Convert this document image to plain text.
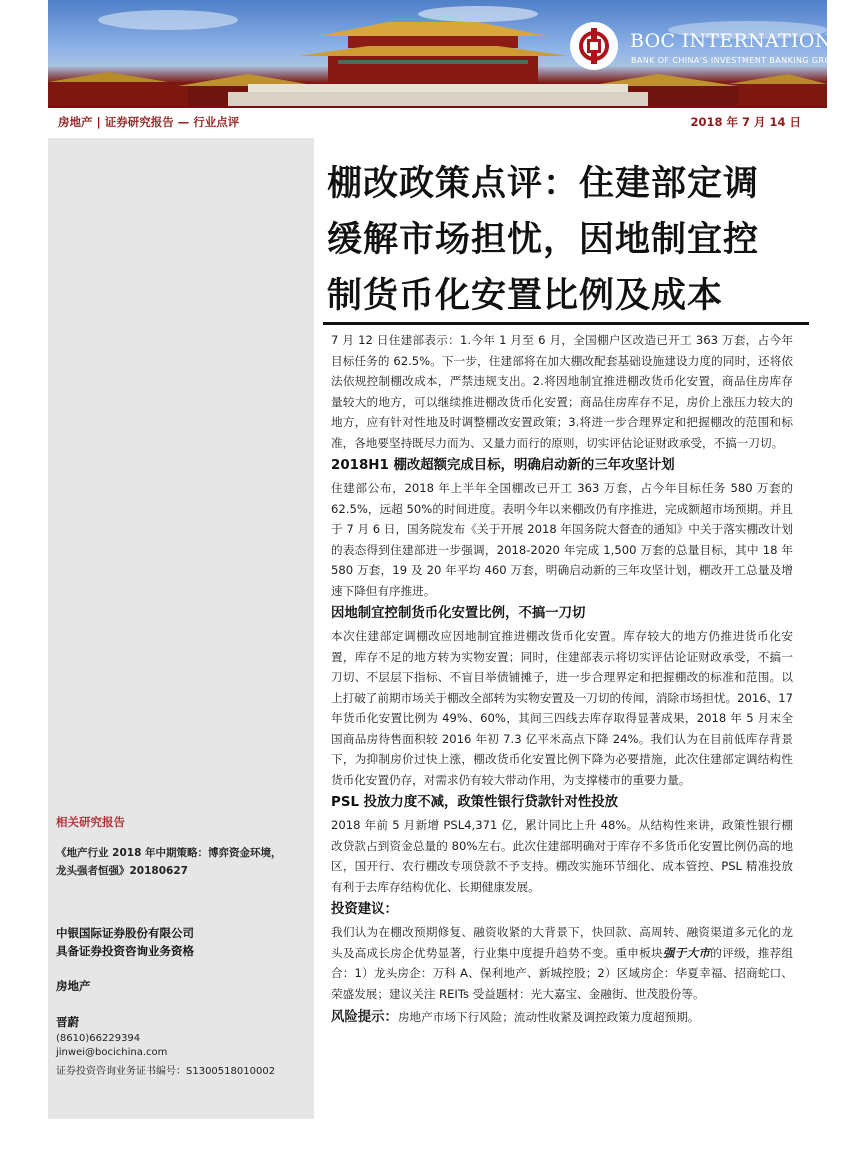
BOC INTERNATIONAL
BANK OF CHINA'S INVESTMENT BANKING GROUP
房地产 | 证券研究报告 — 行业点评	2018 年 7 月 14 日
相关研究报告
《地产行业 2018 年中期策略：博弈资金环境，
龙头强者恒强》20180627
中银国际证券股份有限公司
具备证券投资咨询业务资格
房地产
晋蔚
(8610)66229394
jinwei@bocichina.com
证券投资咨询业务证书编号：S1300518010002
棚改政策点评：住建部定调
缓解市场担忧，因地制宜控
制货币化安置比例及成本

7 月 12 日住建部表示：1.今年 1 月至 6 月，全国棚户区改造已开工 363 万套，占今年目标任务的 62.5%。下一步，住建部将在加大棚改配套基础设施建设力度的同时，还将依法依规控制棚改成本，严禁违规支出。2.将因地制宜推进棚改货币化安置，商品住房库存量较大的地方，可以继续推进棚改货币化安置；商品住房库存不足，房价上涨压力较大的地方，应有针对性地及时调整棚改安置政策；3.将进一步合理界定和把握棚改的范围和标准，各地要坚持既尽力而为、又量力而行的原则，切实评估论证财政承受，不搞一刀切。

2018H1 棚改超额完成目标，明确启动新的三年攻坚计划

住建部公布，2018 年上半年全国棚改已开工 363 万套，占今年目标任务 580 万套的 62.5%，远超 50%的时间进度。表明今年以来棚改仍有序推进，完成额超市场预期。并且于 7 月 6 日，国务院发布《关于开展 2018 年国务院大督查的通知》中关于落实棚改计划的表态得到住建部进一步强调，2018-2020 年完成 1,500 万套的总量目标，其中 18 年 580 万套，19 及 20 年平均 460 万套，明确启动新的三年攻坚计划，棚改开工总量及增速下降但有序推进。

因地制宜控制货币化安置比例，不搞一刀切

本次住建部定调棚改应因地制宜推进棚改货币化安置。库存较大的地方仍推进货币化安置，库存不足的地方转为实物安置；同时，住建部表示将切实评估论证财政承受，不搞一刀切、不层层下指标、不盲目举债铺摊子，进一步合理界定和把握棚改的标准和范围。以上打破了前期市场关于棚改全部转为实物安置及一刀切的传闻，消除市场担忧。2016、17 年货币化安置比例为 49%、60%，其间三四线去库存取得显著成果，2018 年 5 月末全国商品房待售面积较 2016 年初 7.3 亿平米高点下降 24%。我们认为在目前低库存背景下，为抑制房价过快上涨，棚改货币化安置比例下降为必要措施，此次住建部定调结构性货币化安置仍存，对需求仍有较大带动作用，为支撑楼市的重要力量。

PSL 投放力度不减，政策性银行贷款针对性投放

2018 年前 5 月新增 PSL4,371 亿，累计同比上升 48%。从结构性来讲，政策性银行棚改贷款占到资金总量的 80%左右。此次住建部明确对于库存不多货币化安置比例仍高的地区，国开行、农行棚改专项贷款不予支持。棚改实施环节细化、成本管控、PSL 精准投放有利于去库存结构优化、长期健康发展。

投资建议：

我们认为在棚改预期修复、融资收紧的大背景下，快回款、高周转、融资渠道多元化的龙头及高成长房企优势显著，行业集中度提升趋势不变。重申板块强于大市的评级，推荐组合：1）龙头房企：万科 A、保利地产、新城控股；2）区域房企：华夏幸福、招商蛇口、荣盛发展；建议关注 REITs 受益题材：光大嘉宝、金融街、世茂股份等。

风险提示：房地产市场下行风险；流动性收紧及调控政策力度超预期。
